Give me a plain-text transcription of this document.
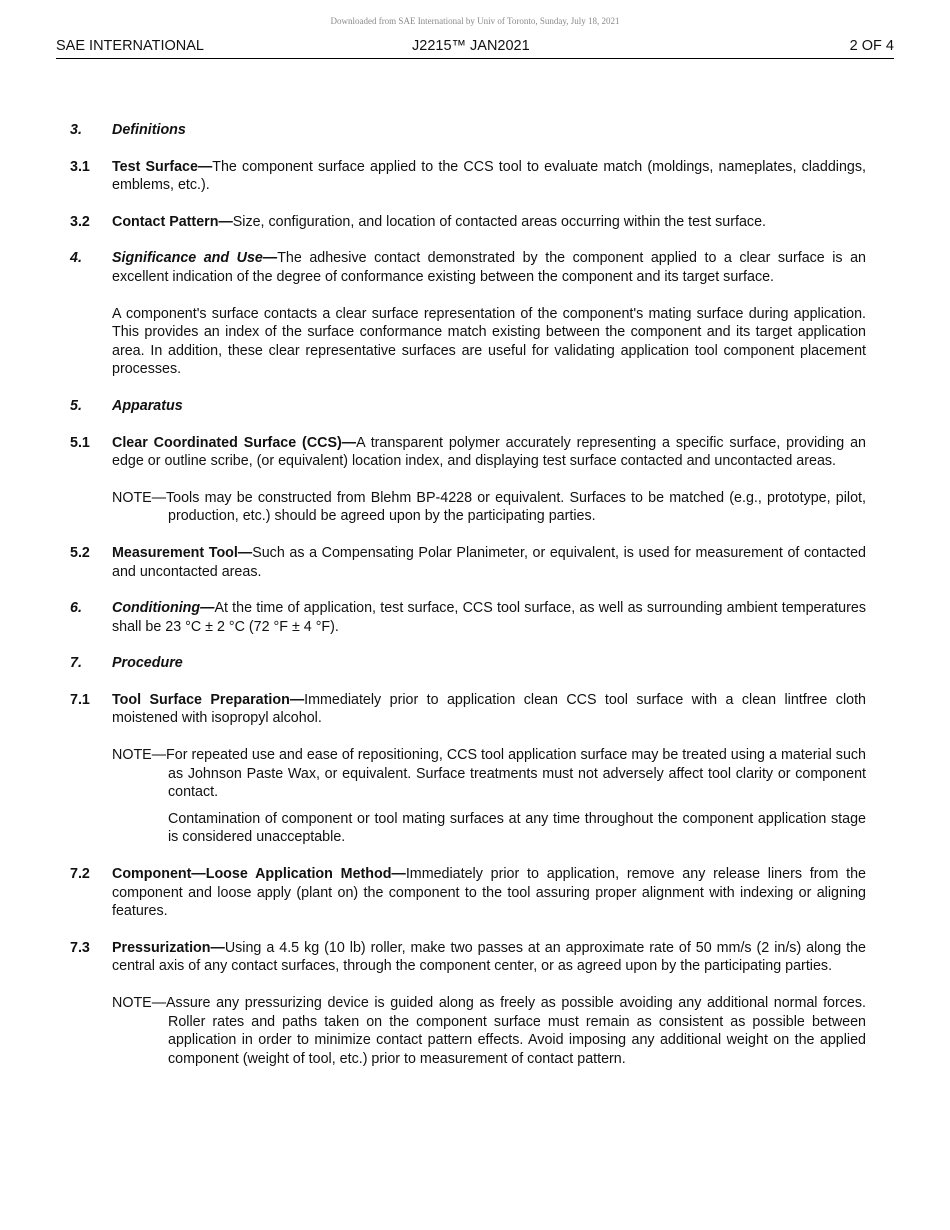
Downloaded from SAE International by Univ of Toronto, Sunday, July 18, 2021
SAE INTERNATIONAL	J2215™ JAN2021	2 OF 4
3.	Definitions
3.1	Test Surface—The component surface applied to the CCS tool to evaluate match (moldings, nameplates, claddings, emblems, etc.).
3.2	Contact Pattern—Size, configuration, and location of contacted areas occurring within the test surface.
4.	Significance and Use—The adhesive contact demonstrated by the component applied to a clear surface is an excellent indication of the degree of conformance existing between the component and its target surface.
A component's surface contacts a clear surface representation of the component's mating surface during application. This provides an index of the surface conformance match existing between the component and its target application area. In addition, these clear representative surfaces are useful for validating application tool component placement processes.
5.	Apparatus
5.1	Clear Coordinated Surface (CCS)—A transparent polymer accurately representing a specific surface, providing an edge or outline scribe, (or equivalent) location index, and displaying test surface contacted and uncontacted areas.
NOTE—Tools may be constructed from Blehm BP-4228 or equivalent. Surfaces to be matched (e.g., prototype, pilot, production, etc.) should be agreed upon by the participating parties.
5.2	Measurement Tool—Such as a Compensating Polar Planimeter, or equivalent, is used for measurement of contacted and uncontacted areas.
6.	Conditioning—At the time of application, test surface, CCS tool surface, as well as surrounding ambient temperatures shall be 23 °C ± 2 °C (72 °F ± 4 °F).
7.	Procedure
7.1	Tool Surface Preparation—Immediately prior to application clean CCS tool surface with a clean lintfree cloth moistened with isopropyl alcohol.
NOTE—For repeated use and ease of repositioning, CCS tool application surface may be treated using a material such as Johnson Paste Wax, or equivalent. Surface treatments must not adversely affect tool clarity or component contact.
Contamination of component or tool mating surfaces at any time throughout the component application stage is considered unacceptable.
7.2	Component—Loose Application Method—Immediately prior to application, remove any release liners from the component and loose apply (plant on) the component to the tool assuring proper alignment with indexing or aligning features.
7.3	Pressurization—Using a 4.5 kg (10 lb) roller, make two passes at an approximate rate of 50 mm/s (2 in/s) along the central axis of any contact surfaces, through the component center, or as agreed upon by the participating parties.
NOTE—Assure any pressurizing device is guided along as freely as possible avoiding any additional normal forces. Roller rates and paths taken on the component surface must remain as consistent as possible between application in order to minimize contact pattern effects. Avoid imposing any additional weight on the applied component (weight of tool, etc.) prior to measurement of contact pattern.
